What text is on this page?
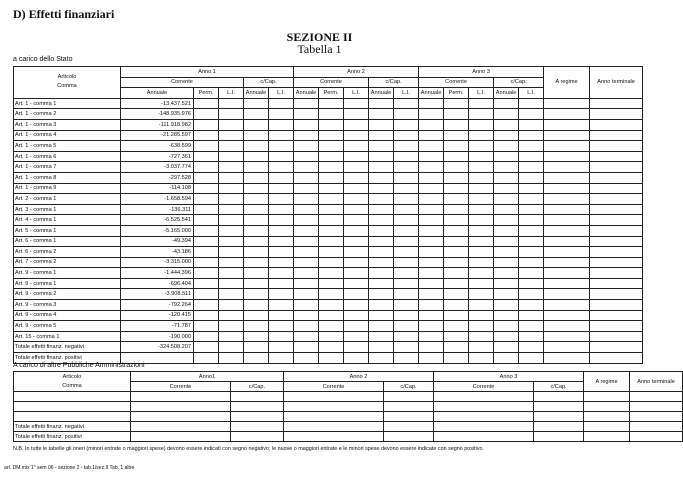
D) Effetti finanziari
SEZIONE II
Tabella 1
a carico dello Stato
Articolo
Comma	Anno 1					Anno 2					Anno 3					A regime	Anno terminale
	Corrente			c/Cap.		Corrente			c/Cap.		Corrente			c/Cap.			
	Annuale	Perm.	L.I.	Annuale	L.I.	Annuale	Perm.	L.I.	Annuale	L.I.	Annuale	Perm.	L.I.	Annuale	L.I.		
Art. 1 - comma 1	-13.437.521																
Art. 1 - comma 2	-148.935.976																
Art. 1 - comma 3	-111.918.982																
Art. 1 - comma 4	-21.285.597																
Art. 1 - comma 5	-638.599																
Art. 1 - comma 6	-727.361																
Art. 1 - comma 7	-3.037.774																
Art. 1 - comma 8	-297.528																
Art. 1 - comma 9	-114.108																
Art. 2 - comma 1	-1.658.594																
Art. 3 - comma 1	-136.311																
Art. 4 - comma 1	-6.525.541																
Art. 5 - comma 1	-5.165.000																
Art. 6 - comma 1	-49.394																
Art. 6 - comma 2	-43.186																
Art. 7 - comma 2	-3.315.000																
Art. 9 - comma 1	-1.444.396																
Art. 9 - comma 1	-696.404																
Art. 9 - comma 2	-3.908.511																
Art. 9 - comma 3	-792.264																
Art. 9 - comma 4	-120.415																
Art. 9 - comma 5	-71.787																
Art. 15 - comma 1	-190.000																
Totale effetti finanz. negativi	-324.508.207																
Totale effetti finanz. positivi																	
A carico di altre Pubbliche Amministrazioni
Articolo
Comma	Anno1		Anno 2		Anno 3		A regime	Anno terminale
	Corrente	c/Cap.	Corrente	c/Cap.	Corrente	c/Cap.		

Totale effetti finanz. negativi								
Totale effetti finanz. positivi								
N.B. In tutte le tabelle gli oneri (minori entrate o maggiori spese) devono essere indicati con segno negativo; le nuove o maggiori entrate e le minori spese devono essere indicate con segno positivo.
art. DM mix 1° sem 06 - sezione 2 - tab.1/sez.II Tab. 1 altre
